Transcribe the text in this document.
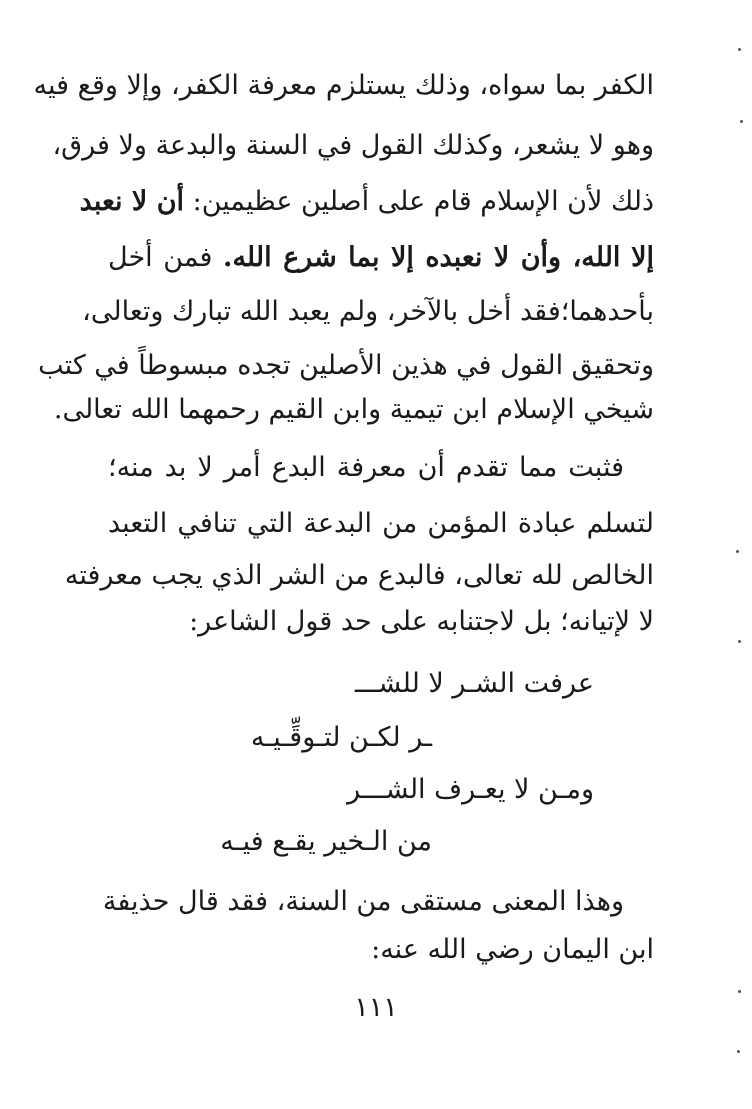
الكفر بما سواه، وذلك يستلزم معرفة الكفر، وإلا وقع فيه
وهو لا يشعر، وكذلك القول في السنة والبدعة ولا فرق،
ذلك لأن الإسلام قام على أصلين عظيمين: أن لا نعبد
إلا الله، وأن لا نعبده إلا بما شرع الله. فمن أخل
بأحدهما؛فقد أخل بالآخر، ولم يعبد الله تبارك وتعالى،
وتحقيق القول في هذين الأصلين تجده مبسوطاً في كتب
شيخي الإسلام ابن تيمية وابن القيم رحمهما الله تعالى.
فثبت مما تقدم أن معرفة البدع أمر لا بد منه؛
لتسلم عبادة المؤمن من البدعة التي تنافي التعبد
الخالص لله تعالى، فالبدع من الشر الذي يجب معرفته
لا لإتيانه؛ بل لاجتنابه على حد قول الشاعر:
عرفت الشـر لا للشـــ
ـر لكـن لتـوقِّـيـه
ومـن لا يعـرف الشـــر
من الـخير يقـع فيـه
وهذا المعنى مستقى من السنة، فقد قال حذيفة
ابن اليمان رضي الله عنه:
١١١
